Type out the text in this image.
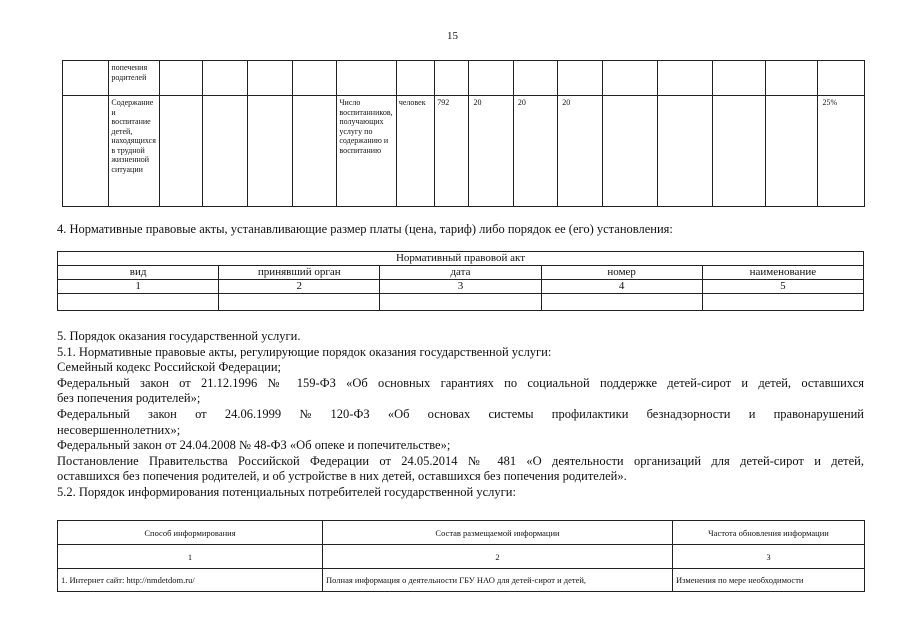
15
	попечения родителей															
	Содержание и воспитание детей, находящихся в трудной жизненной ситуации					Число воспитанников, получающих услугу по содержанию и воспитанию	человек	792	20	20	20					25%
4. Нормативные правовые акты, устанавливающие размер платы (цена, тариф) либо порядок ее (его) установления:
Нормативный правовой акт				
вид	принявший орган	дата	номер	наименование
1	2	3	4	5

5. Порядок оказания государственной услуги.

5.1. Нормативные правовые акты, регулирующие порядок оказания государственной услуги:

Семейный кодекс Российской Федерации;

Федеральный закон от 21.12.1996 № 159-ФЗ «Об основных гарантиях по социальной поддержке детей-сирот и детей, оставшихся

без попечения родителей»;

Федеральный закон от 24.06.1999 № 120-ФЗ «Об основах системы профилактики безнадзорности и правонарушений

несовершеннолетних»;

Федеральный закон от 24.04.2008 № 48-ФЗ «Об опеке и попечительстве»;

Постановление Правительства Российской Федерации от 24.05.2014 № 481 «О деятельности организаций для детей-сирот и детей,

оставшихся без попечения родителей, и об устройстве в них детей, оставшихся без попечения родителей».

5.2. Порядок информирования потенциальных потребителей государственной услуги:

Способ информирования	Состав размещаемой информации	Частота обновления информации
1	2	3
1. Интернет сайт: http://nmdetdom.ru/	Полная информация о деятельности ГБУ НАО для детей-сирот и детей,	Изменения по мере необходимости
